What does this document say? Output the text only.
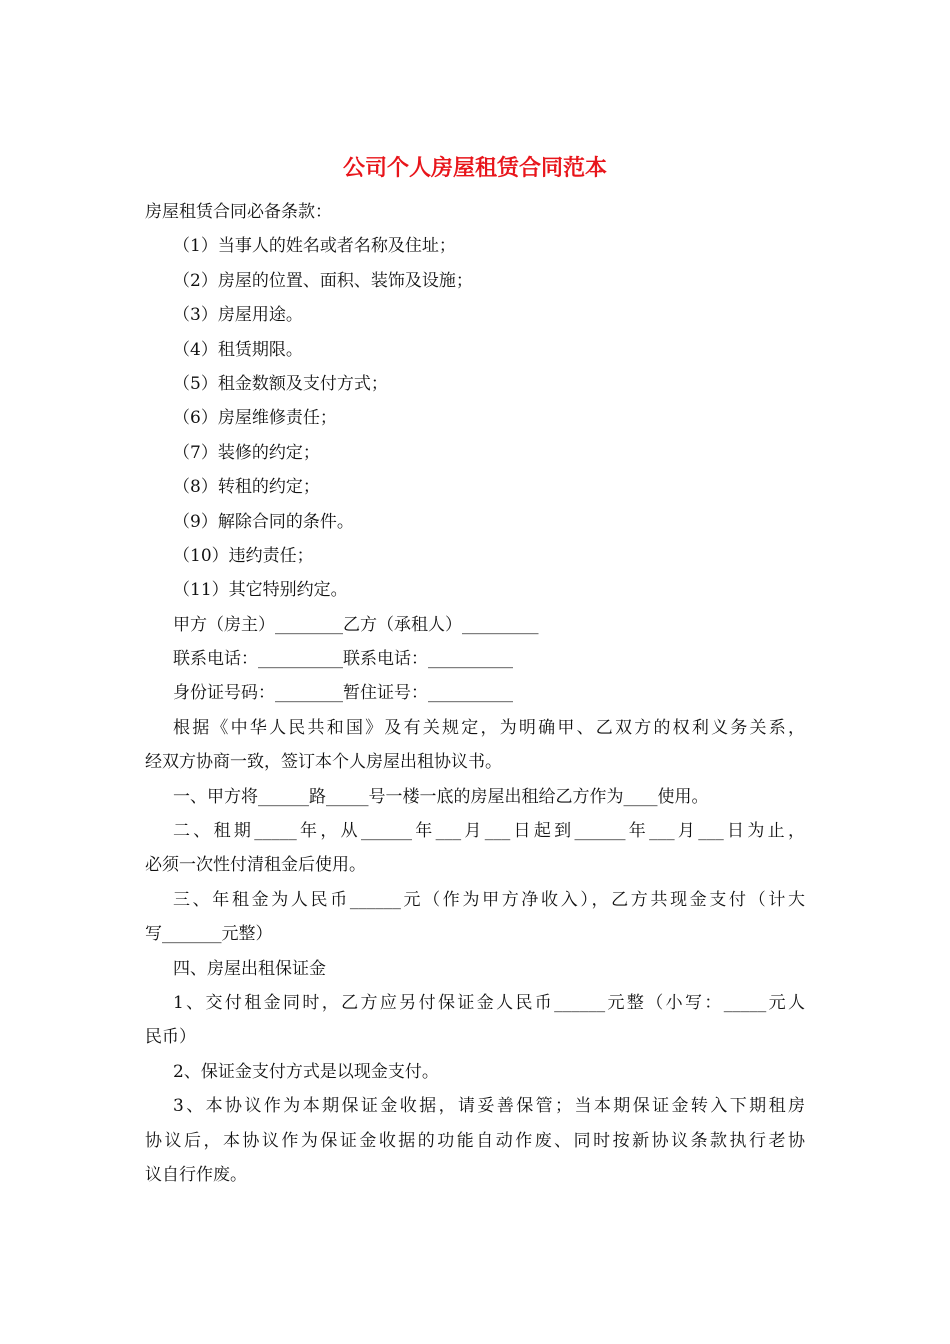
公司个人房屋租赁合同范本
房屋租赁合同必备条款：
（1）当事人的姓名或者名称及住址；
（2）房屋的位置、面积、装饰及设施；
（3）房屋用途。
（4）租赁期限。
（5）租金数额及支付方式；
（6）房屋维修责任；
（7）装修的约定；
（8）转租的约定；
（9）解除合同的条件。
（10）违约责任；
（11）其它特别约定。
甲方（房主）________乙方（承租人）_________
联系电话：__________联系电话：__________
身份证号码：________暂住证号：__________
根据《中华人民共和国》及有关规定，为明确甲、乙双方的权利义务关系，
经双方协商一致，签订本个人房屋出租协议书。
一、甲方将______路_____号一楼一底的房屋出租给乙方作为____使用。
二、租期_____年，从______年___月___日起到______年___月___日为止，
必须一次性付清租金后使用。
三、年租金为人民币______元（作为甲方净收入），乙方共现金支付（计大
写_______元整）
四、房屋出租保证金
1、交付租金同时，乙方应另付保证金人民币______元整（小写：_____元人
民币）
2、保证金支付方式是以现金支付。
3、本协议作为本期保证金收据，请妥善保管；当本期保证金转入下期租房
协议后，本协议作为保证金收据的功能自动作废、同时按新协议条款执行老协
议自行作废。
